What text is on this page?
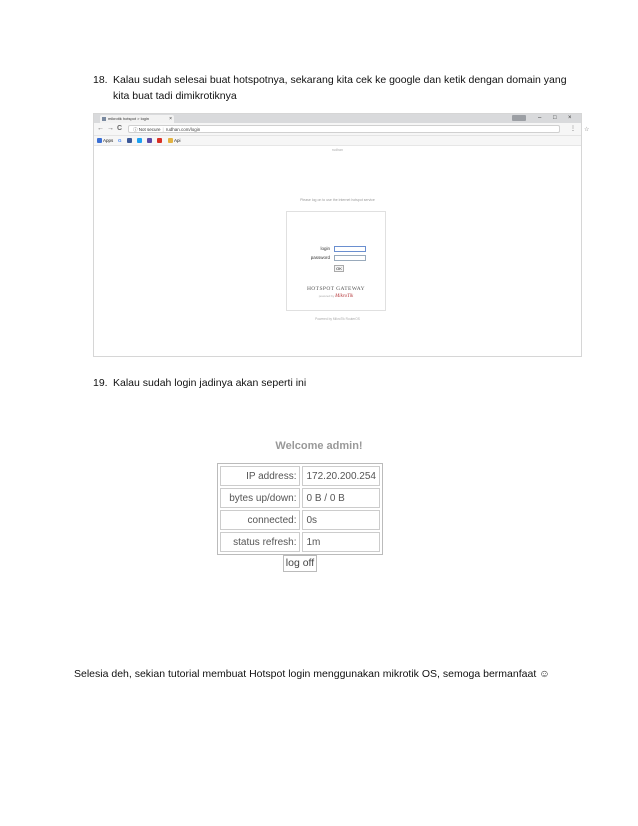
18. Kalau sudah selesai buat hotspotnya, sekarang kita cek ke google dan ketik dengan domain yang
kita buat tadi dimikrotiknya
mikrotik hotspot > login	×	– □ ×
← → C	ⓘ Not secure | rudhan.com/login	☆
⋮
Apps G	Api
rudhan
Please log on to use the internet hotspot service
login
password
OK
HOTSPOT GATEWAY
powered by MikroTik
Powered by MikroTik RouterOS
19. Kalau sudah login jadinya akan seperti ini
Welcome admin!
IP address:	172.20.200.254
bytes up/down:	0 B / 0 B
connected:	0s
status refresh:	1m
log off
Selesia deh, sekian tutorial membuat Hotspot login menggunakan mikrotik OS, semoga bermanfaat ☺
